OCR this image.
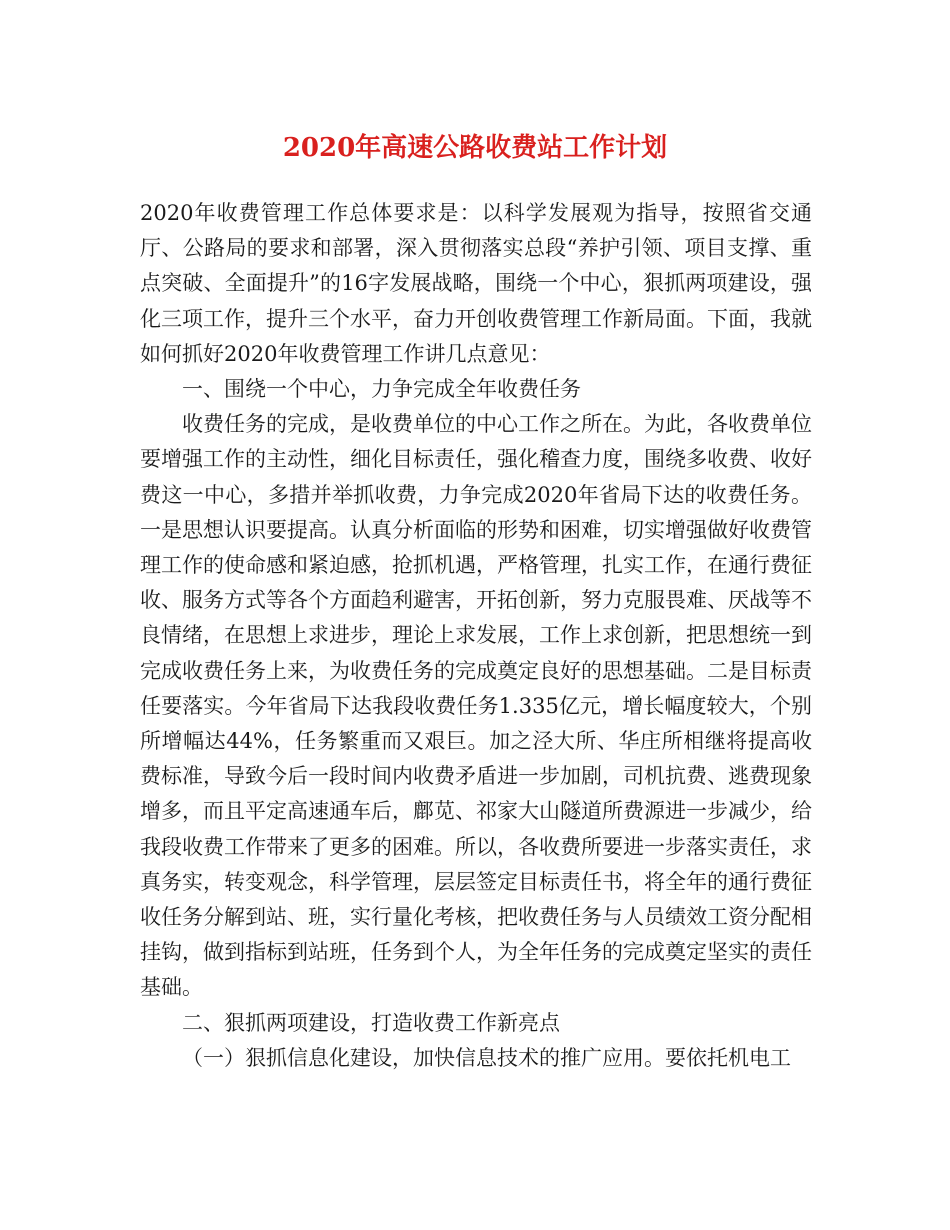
2020年高速公路收费站工作计划

2020年收费管理工作总体要求是：以科学发展观为指导，按照省交通厅、公路局的要求和部署，深入贯彻落实总段“养护引领、项目支撑、重点突破、全面提升”的16字发展战略，围绕一个中心，狠抓两项建设，强化三项工作，提升三个水平，奋力开创收费管理工作新局面。下面，我就如何抓好2020年收费管理工作讲几点意见：

一、围绕一个中心，力争完成全年收费任务

收费任务的完成，是收费单位的中心工作之所在。为此，各收费单位要增强工作的主动性，细化目标责任，强化稽查力度，围绕多收费、收好费这一中心，多措并举抓收费，力争完成2020年省局下达的收费任务。一是思想认识要提高。认真分析面临的形势和困难，切实增强做好收费管理工作的使命感和紧迫感，抢抓机遇，严格管理，扎实工作，在通行费征收、服务方式等各个方面趋利避害，开拓创新，努力克服畏难、厌战等不良情绪，在思想上求进步，理论上求发展，工作上求创新，把思想统一到完成收费任务上来，为收费任务的完成奠定良好的思想基础。二是目标责任要落实。今年省局下达我段收费任务1.335亿元，增长幅度较大，个别所增幅达44%，任务繁重而又艰巨。加之泾大所、华庄所相继将提高收费标准，导致今后一段时间内收费矛盾进一步加剧，司机抗费、逃费现象增多，而且平定高速通车后，鄜苋、祁家大山隧道所费源进一步减少，给我段收费工作带来了更多的困难。所以，各收费所要进一步落实责任，求真务实，转变观念，科学管理，层层签定目标责任书，将全年的通行费征收任务分解到站、班，实行量化考核，把收费任务与人员绩效工资分配相挂钩，做到指标到站班，任务到个人，为全年任务的完成奠定坚实的责任基础。

二、狠抓两项建设，打造收费工作新亮点

（一）狠抓信息化建设，加快信息技术的推广应用。要依托机电工
